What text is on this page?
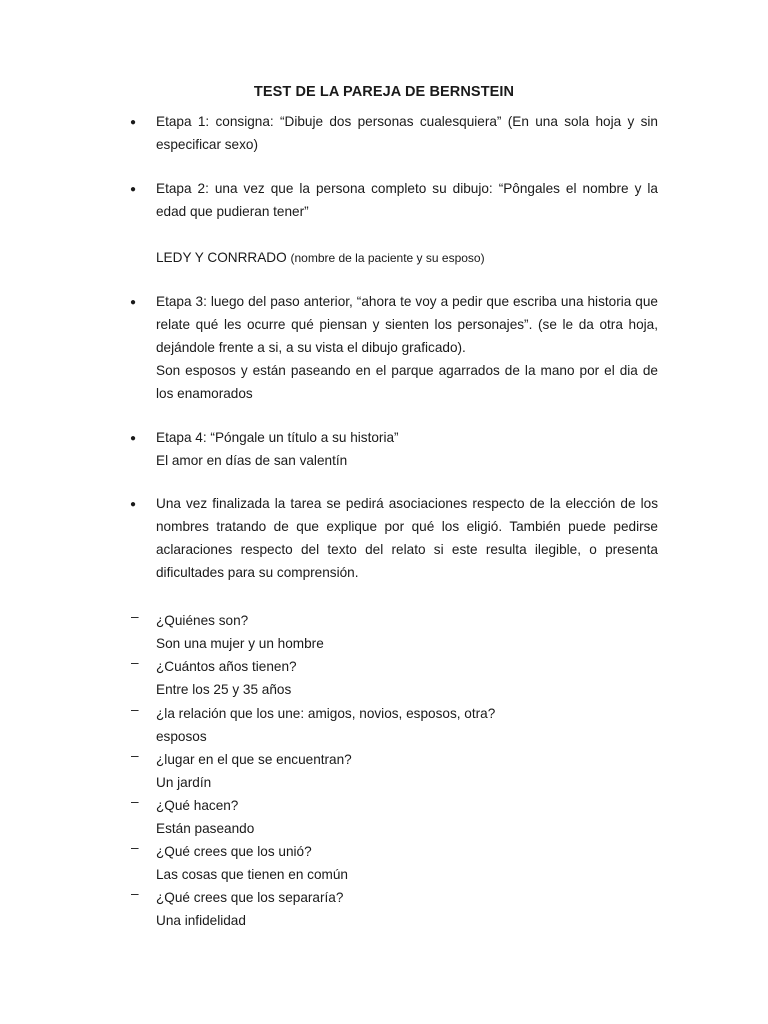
TEST DE LA PAREJA DE BERNSTEIN
● Etapa 1: consigna: “Dibuje dos personas cualesquiera” (En una sola hoja y sin especificar sexo)
● Etapa 2: una vez que la persona completo su dibujo: “Pôngales el nombre y la edad que pudieran tener”
LEDY Y CONRRADO (nombre de la paciente y su esposo)
● Etapa 3: luego del paso anterior, “ahora te voy a pedir que escriba una historia que relate qué les ocurre qué piensan y sienten los personajes”. (se le da otra hoja, dejándole frente a si, a su vista el dibujo graficado).
Son esposos y están paseando en el parque agarrados de la mano por el dia de los enamorados
● Etapa 4: “Póngale un título a su historia”
El amor en días de san valentín
● Una vez finalizada la tarea se pedirá asociaciones respecto de la elección de los nombres tratando de que explique por qué los eligió. También puede pedirse aclaraciones respecto del texto del relato si este resulta ilegible, o presenta dificultades para su comprensión.
– ¿Quiénes son?
Son una mujer y un hombre
– ¿Cuántos años tienen?
Entre los 25 y 35 años
– ¿la relación que los une: amigos, novios, esposos, otra?
esposos
– ¿lugar en el que se encuentran?
Un jardín
– ¿Qué hacen?
Están paseando
– ¿Qué crees que los unió?
Las cosas que tienen en común
– ¿Qué crees que los separaría?
Una infidelidad
